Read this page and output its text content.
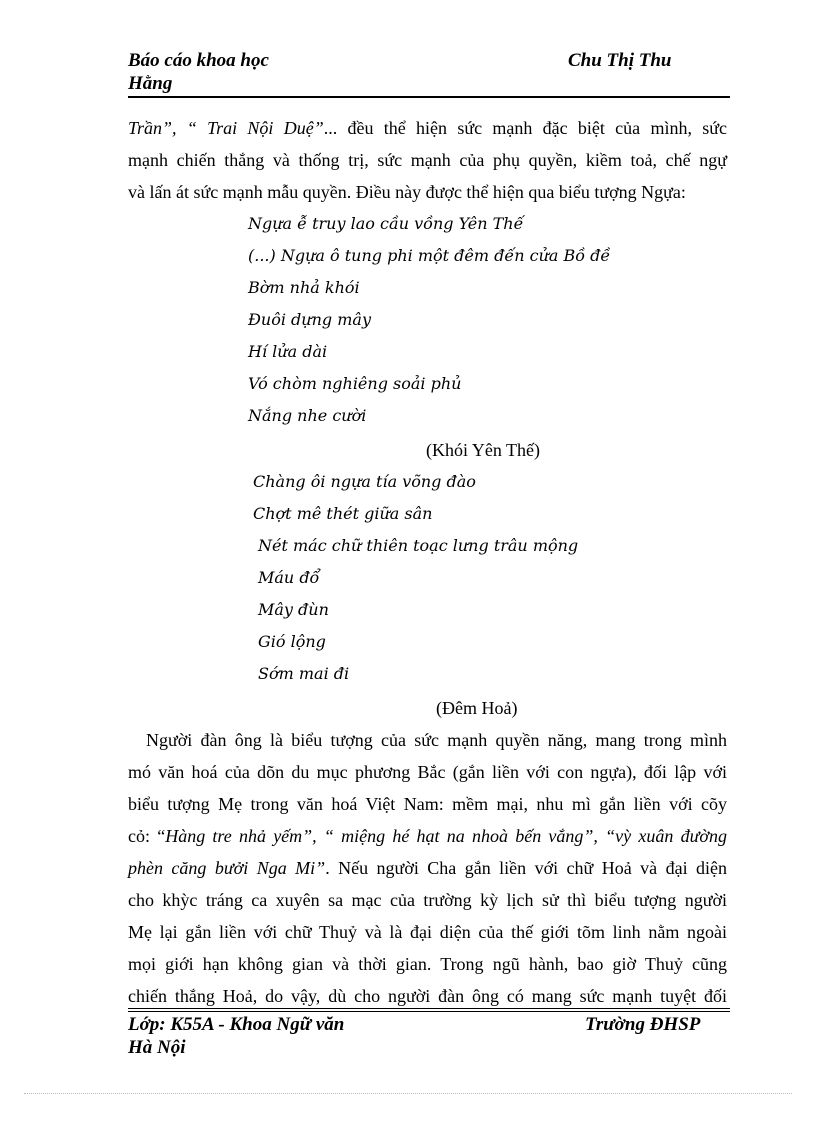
Báo cáo khoa học	Chu Thị Thu
Hằng
Trần”, “ Trai Nội Duệ”... đều thể hiện sức mạnh đặc biệt của mình, sức
mạnh chiến thắng và thống trị, sức mạnh của phụ quyền, kiềm toả, chế ngự
và lấn át sức mạnh mẫu quyền. Điều này được thể hiện qua biểu tượng Ngựa:
Ngựa ễ truy lao cầu vồng Yên Thế
(...) Ngựa ô tung phi một đêm đến cửa Bồ đề
Bờm nhả khói
Đuôi dựng mây
Hí lửa dài
Vó chòm nghiêng soải phủ
Nắng nhe cười
(Khói Yên Thế)
Chàng ôi ngựa tía võng đào
Chợt mê thét giữa sân
Nét mác chữ thiên toạc lưng trâu mộng
Máu đổ
Mây đùn
Gió lộng
Sớm mai đi
(Đêm Hoả)
Người đàn ông là biểu tượng của sức mạnh quyền năng, mang trong mình
mó văn hoá của dõn du mục phương Bắc (gắn liền với con ngựa), đối lập với
biểu tượng Mẹ trong văn hoá Việt Nam: mềm mại, nhu mì gắn liền với cõy
cỏ: “Hàng tre nhả yếm”, “ miệng hé hạt na nhoà bến vắng”, “vỳ xuân đường
phèn căng bưởi Nga Mi”. Nếu người Cha gắn liền với chữ Hoả và đại diện
cho khỳc tráng ca xuyên sa mạc của trường kỳ lịch sử thì biểu tượng người
Mẹ lại gắn liền với chữ Thuỷ và là đại diện của thế giới tõm linh nằm ngoài
mọi giới hạn không gian và thời gian. Trong ngũ hành, bao giờ Thuỷ cũng
chiến thắng Hoả, do vậy, dù cho người đàn ông có mang sức mạnh tuyệt đối
Lớp: K55A - Khoa Ngữ văn	Trường ĐHSP
Hà Nội
